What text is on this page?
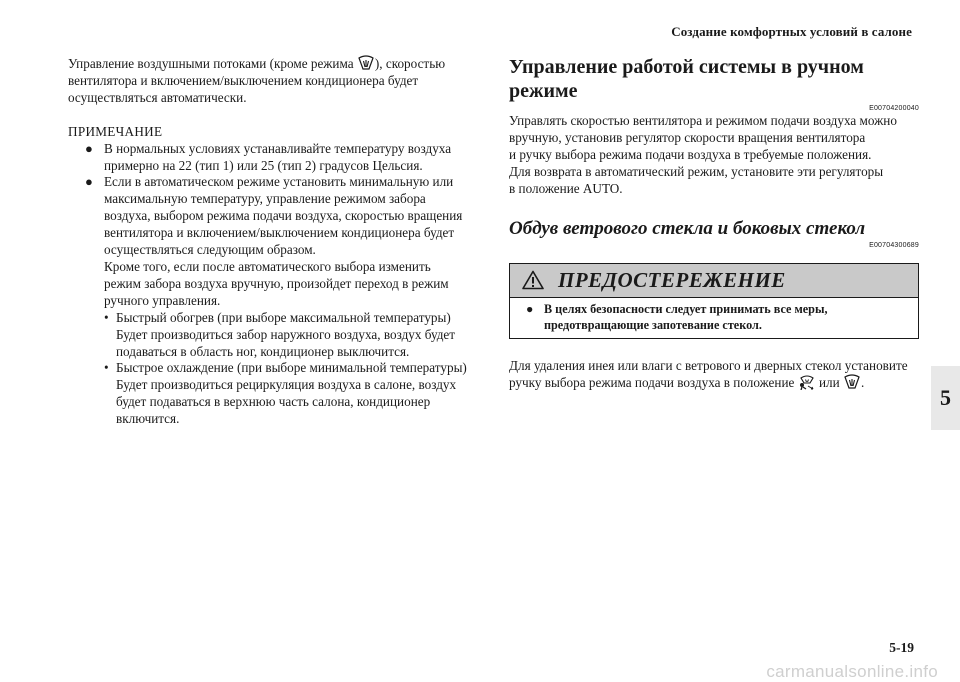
Создание комфортных условий в салоне

Управление воздушными потоками (кроме режима ), скоростью

вентилятора и включением/выключением кондиционера будет

осуществляться автоматически.

ПРИМЕЧАНИЕ

● В нормальных условиях устанавливайте температуру воздуха

примерно на 22 (тип 1) или 25 (тип 2) градусов Цельсия.

● Если в автоматическом режиме установить минимальную или

максимальную температуру, управление режимом забора

воздуха, выбором режима подачи воздуха, скоростью вращения

вентилятора и включением/выключением кондиционера будет

осуществляться следующим образом.

Кроме того, если после автоматического выбора изменить

режим забора воздуха вручную, произойдет переход в режим

ручного управления.

• Быстрый обогрев (при выборе максимальной температуры)

Будет производиться забор наружного воздуха, воздух будет

подаваться в область ног, кондиционер выключится.

• Быстрое охлаждение (при выборе минимальной температуры)

Будет производиться рециркуляция воздуха в салоне, воздух

будет подаваться в верхнюю часть салона, кондиционер

включится.

Управление работой системы в ручном режиме
E00704200040

Управлять скоростью вентилятора и режимом подачи воздуха можно

вручную, установив регулятор скорости вращения вентилятора

и ручку выбора режима подачи воздуха в требуемые положения.

Для возврата в автоматический режим, установите эти регуляторы

в положение AUTO.

Обдув ветрового стекла и боковых стекол
E00704300689
ПРЕДОСТЕРЕЖЕНИЕ
● В целях безопасности следует принимать все меры,

предотвращающие запотевание стекол.

Для удаления инея или влаги с ветрового и дверных стекол установите

ручку выбора режима подачи воздуха в положение  или .

5
5-19
carmanualsonline.info
